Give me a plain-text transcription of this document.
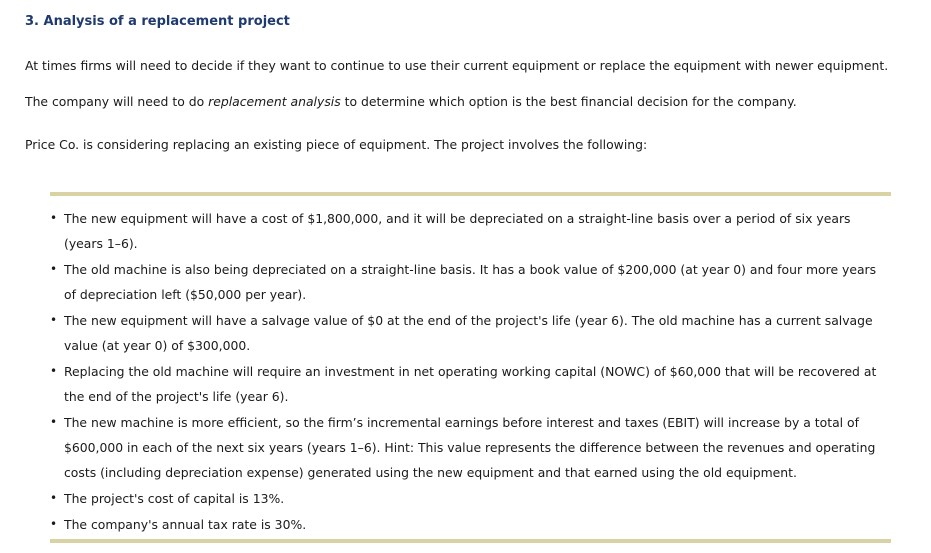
3. Analysis of a replacement project

At times firms will need to decide if they want to continue to use their current equipment or replace the equipment with newer equipment.

The company will need to do replacement analysis to determine which option is the best financial decision for the company.

Price Co. is considering replacing an existing piece of equipment. The project involves the following:

• The new equipment will have a cost of $1,800,000, and it will be depreciated on a straight-line basis over a period of six years (years 1–6).
• The old machine is also being depreciated on a straight-line basis. It has a book value of $200,000 (at year 0) and four more years of depreciation left ($50,000 per year).
• The new equipment will have a salvage value of $0 at the end of the project's life (year 6). The old machine has a current salvage value (at year 0) of $300,000.
• Replacing the old machine will require an investment in net operating working capital (NOWC) of $60,000 that will be recovered at the end of the project's life (year 6).
• The new machine is more efficient, so the firm’s incremental earnings before interest and taxes (EBIT) will increase by a total of $600,000 in each of the next six years (years 1–6). Hint: This value represents the difference between the revenues and operating costs (including depreciation expense) generated using the new equipment and that earned using the old equipment.
• The project's cost of capital is 13%.
• The company's annual tax rate is 30%.
